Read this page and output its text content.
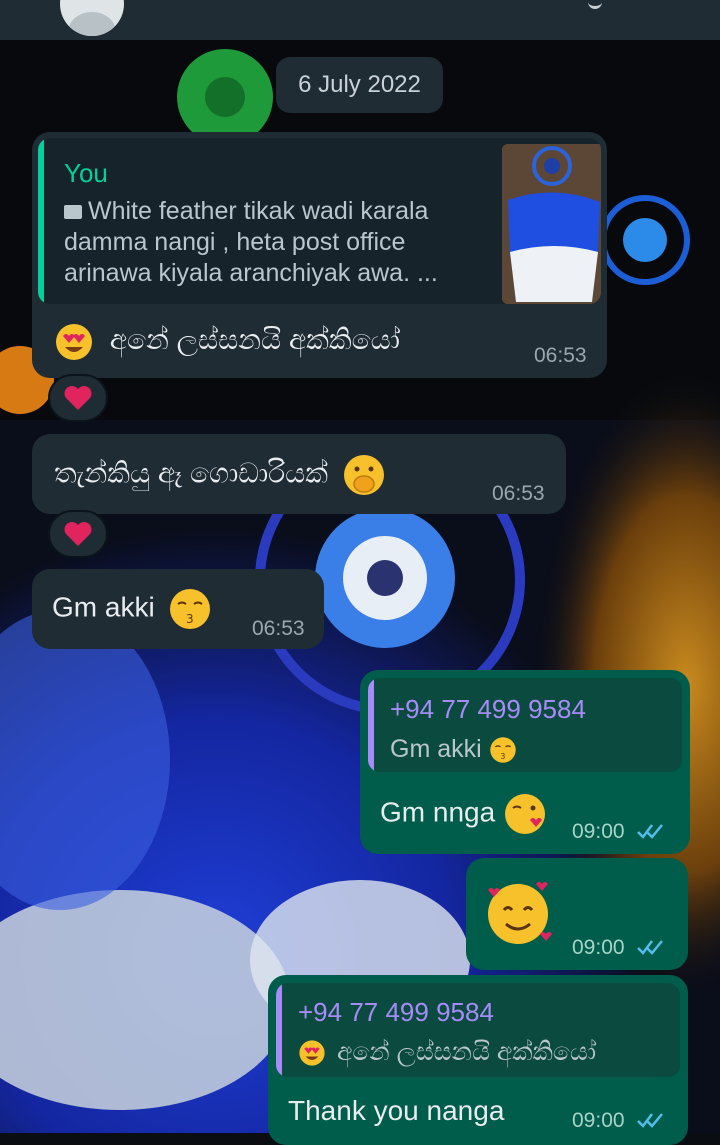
6 July 2022
You
White feather tikak wadi karala
damma nangi , heta post office
arinawa kiyala aranchiyak awa. ...
අනේ ලස්සනයි අක්කියෝ
06:53
තැන්කියු ඈ ගොඩාරියක්
06:53
Gm akki	3	06:53
+94 77 499 9584
Gm akki 3
Gm nnga
09:00
09:00
+94 77 499 9584
අනේ ලස්සනයි අක්කියෝ
Thank you nanga	09:00
